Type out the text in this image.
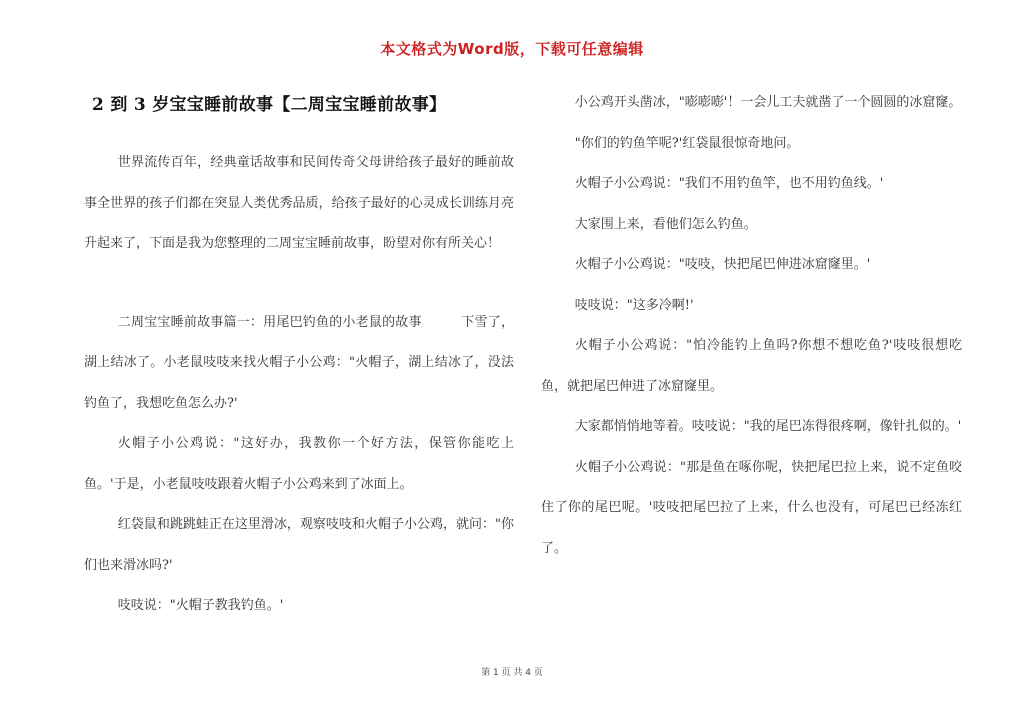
本文格式为Word版，下载可任意编辑
2 到 3 岁宝宝睡前故事【二周宝宝睡前故事】

世界流传百年，经典童话故事和民间传奇父母讲给孩子最好的睡前故事全世界的孩子们都在突显人类优秀品质，给孩子最好的心灵成长训练月亮升起来了，下面是我为您整理的二周宝宝睡前故事，盼望对你有所关心！

二周宝宝睡前故事篇一：用尾巴钓鱼的小老鼠的故事　　　下雪了，湖上结冰了。小老鼠吱吱来找火帽子小公鸡："火帽子，湖上结冰了，没法钓鱼了，我想吃鱼怎么办?'

火帽子小公鸡说："这好办，我教你一个好方法，保管你能吃上鱼。'于是，小老鼠吱吱跟着火帽子小公鸡来到了冰面上。

红袋鼠和跳跳蛙正在这里滑冰，观察吱吱和火帽子小公鸡，就问："你们也来滑冰吗?'

吱吱说："火帽子教我钓鱼。'

小公鸡开头凿冰，"嘭嘭嘭'！一会儿工夫就凿了一个圆圆的冰窟窿。

"你们的钓鱼竿呢?'红袋鼠很惊奇地问。

火帽子小公鸡说："我们不用钓鱼竿，也不用钓鱼线。'

大家围上来，看他们怎么钓鱼。

火帽子小公鸡说："吱吱，快把尾巴伸进冰窟窿里。'

吱吱说："这多冷啊!'

火帽子小公鸡说："怕冷能钓上鱼吗?你想不想吃鱼?'吱吱很想吃鱼，就把尾巴伸进了冰窟窿里。

大家都悄悄地等着。吱吱说："我的尾巴冻得很疼啊，像针扎似的。'

火帽子小公鸡说："那是鱼在啄你呢，快把尾巴拉上来，说不定鱼咬住了你的尾巴呢。'吱吱把尾巴拉了上来，什么也没有，可尾巴已经冻红了。

第 1 页 共 4 页
